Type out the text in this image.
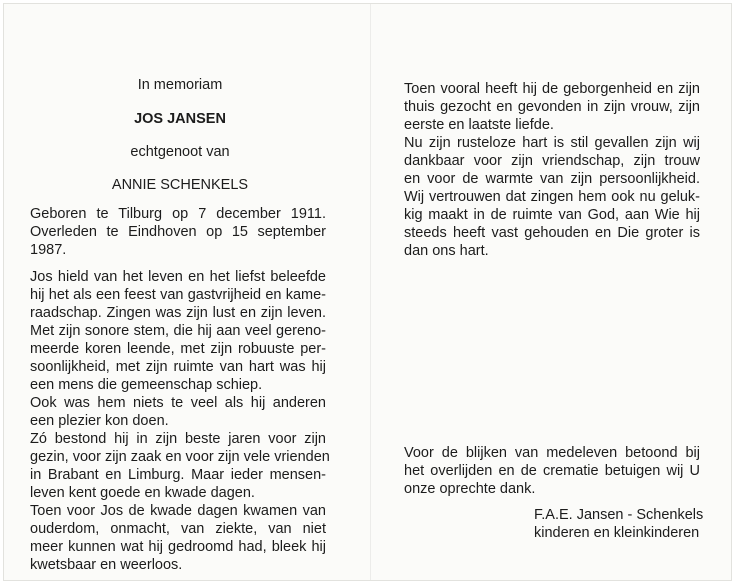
In memoriam
JOS JANSEN
echtgenoot van
ANNIE SCHENKELS
Geboren te Tilburg op 7 december 1911.
Overleden te Eindhoven op 15 september
1987.
Jos hield van het leven en het liefst beleefde
hij het als een feest van gastvrijheid en kame-
raadschap. Zingen was zijn lust en zijn leven.
Met zijn sonore stem, die hij aan veel gereno-
meerde koren leende, met zijn robuuste per-
soonlijkheid, met zijn ruimte van hart was hij
een mens die gemeenschap schiep.
Ook was hem niets te veel als hij anderen
een plezier kon doen.
Zó bestond hij in zijn beste jaren voor zijn
gezin, voor zijn zaak en voor zijn vele vrienden
in Brabant en Limburg. Maar ieder mensen-
leven kent goede en kwade dagen.
Toen voor Jos de kwade dagen kwamen van
ouderdom, onmacht, van ziekte, van niet
meer kunnen wat hij gedroomd had, bleek hij
kwetsbaar en weerloos.
Toen vooral heeft hij de geborgenheid en zijn
thuis gezocht en gevonden in zijn vrouw, zijn
eerste en laatste liefde.
Nu zijn rusteloze hart is stil gevallen zijn wij
dankbaar voor zijn vriendschap, zijn trouw
en voor de warmte van zijn persoonlijkheid.
Wij vertrouwen dat zingen hem ook nu geluk-
kig maakt in de ruimte van God, aan Wie hij
steeds heeft vast gehouden en Die groter is
dan ons hart.
Voor de blijken van medeleven betoond bij
het overlijden en de crematie betuigen wij U
onze oprechte dank.
F.A.E. Jansen - Schenkels
kinderen en kleinkinderen
